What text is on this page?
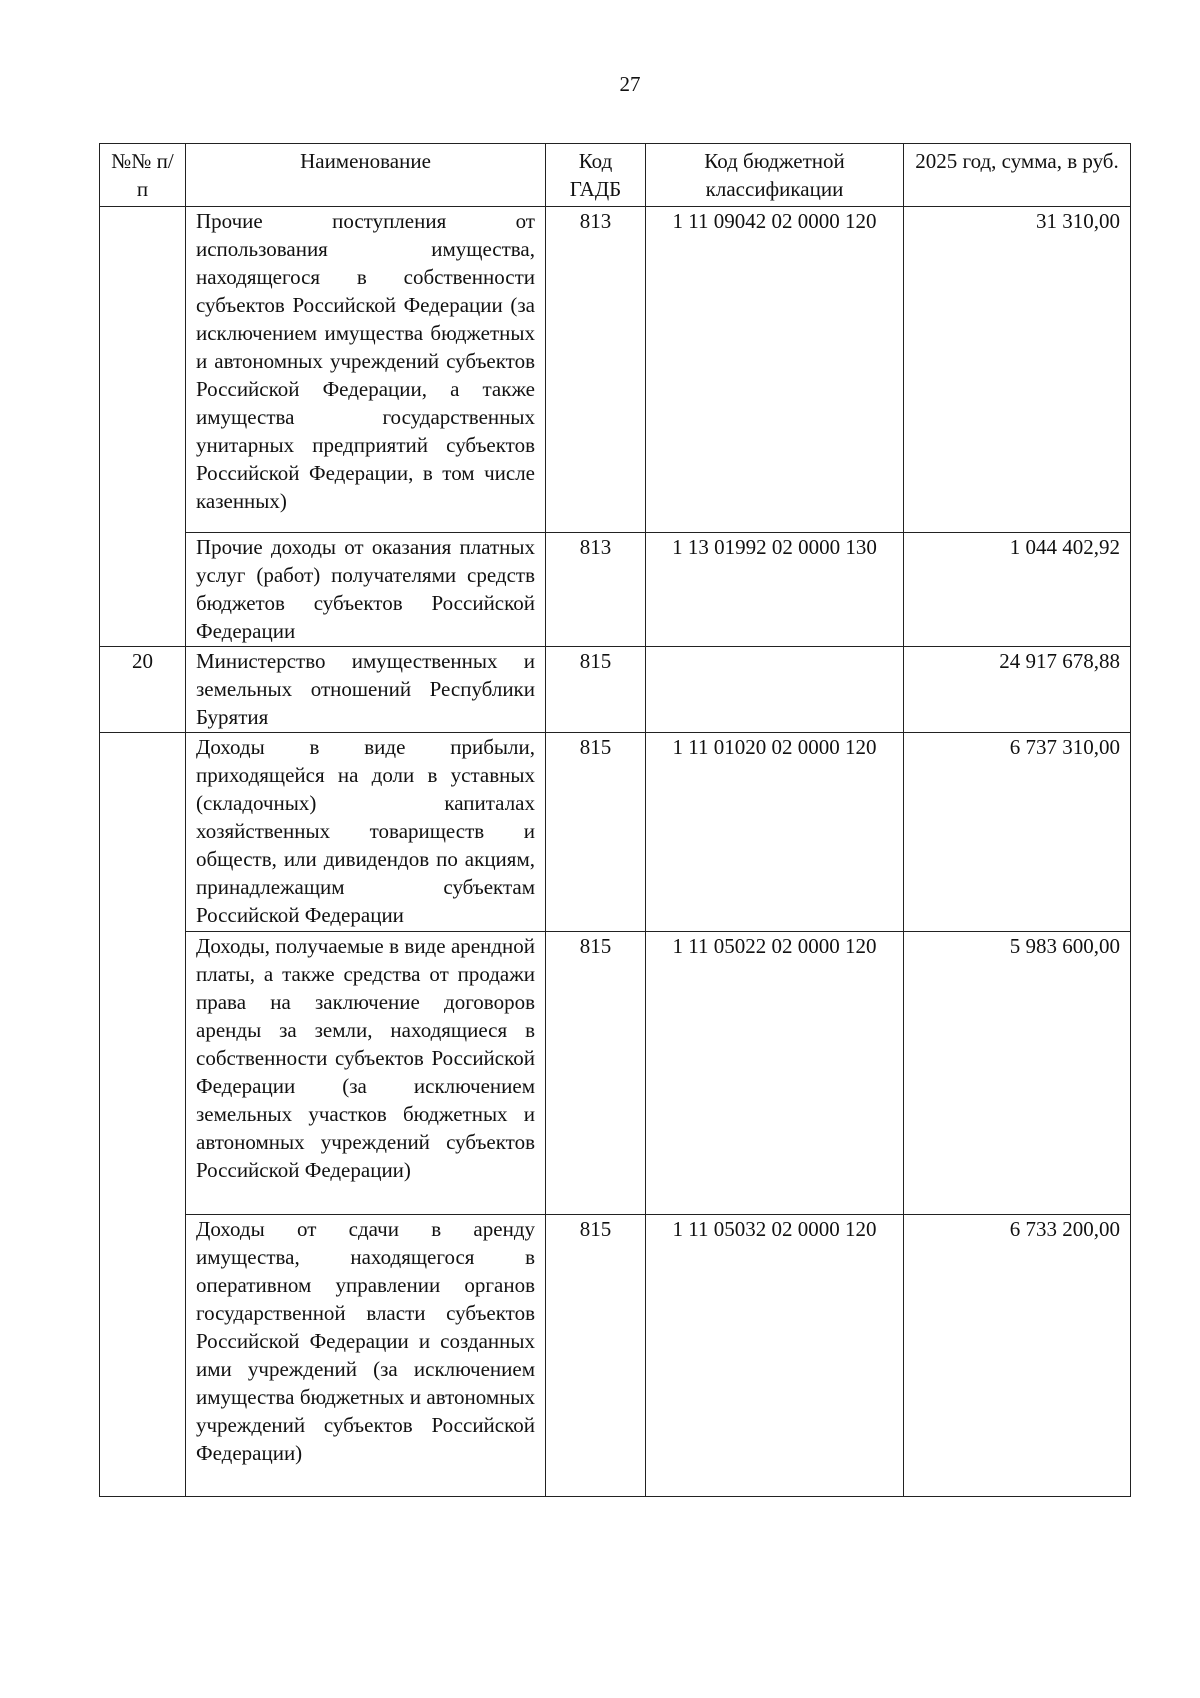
27
№№ п/п	Наименование	Код ГАДБ	Код бюджетной классификации	2025 год, сумма, в руб.
	Прочие поступления от использования имущества, находящегося в собственности субъектов Российской Федерации (за исключением имущества бюджетных и автономных учреждений субъектов Российской Федерации, а также имущества государственных унитарных предприятий субъектов Российской Федерации, в том числе казенных)	813	1 11 09042 02 0000 120	31 310,00
	Прочие доходы от оказания платных услуг (работ) получателями средств бюджетов субъектов Российской Федерации	813	1 13 01992 02 0000 130	1 044 402,92
20	Министерство имущественных и земельных отношений Республики Бурятия	815		24 917 678,88
	Доходы в виде прибыли, приходящейся на доли в уставных (складочных) капиталах хозяйственных товариществ и обществ, или дивидендов по акциям, принадлежащим субъектам Российской Федерации	815	1 11 01020 02 0000 120	6 737 310,00
	Доходы, получаемые в виде арендной платы, а также средства от продажи права на заключение договоров аренды за земли, находящиеся в собственности субъектов Российской Федерации (за исключением земельных участков бюджетных и автономных учреждений субъектов Российской Федерации)	815	1 11 05022 02 0000 120	5 983 600,00
	Доходы от сдачи в аренду имущества, находящегося в оперативном управлении органов государственной власти субъектов Российской Федерации и созданных ими учреждений (за исключением имущества бюджетных и автономных учреждений субъектов Российской Федерации)	815	1 11 05032 02 0000 120	6 733 200,00
